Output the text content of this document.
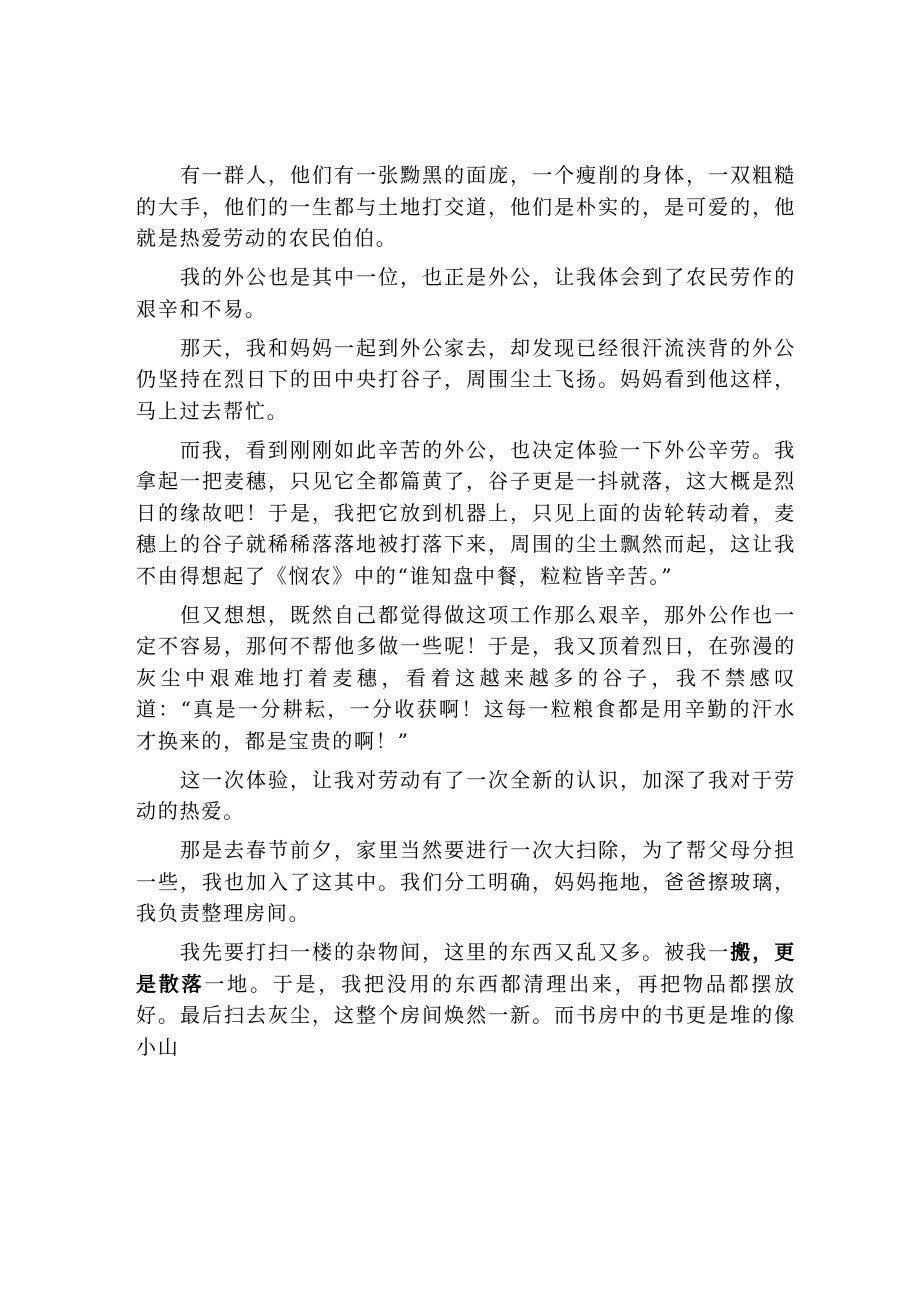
有一群人，他们有一张黝黑的面庞，一个瘦削的身体，一双粗糙的大手，他们的一生都与土地打交道，他们是朴实的，是可爱的，他就是热爱劳动的农民伯伯。

我的外公也是其中一位，也正是外公，让我体会到了农民劳作的艰辛和不易。

那天，我和妈妈一起到外公家去，却发现已经很汗流浃背的外公仍坚持在烈日下的田中央打谷子，周围尘土飞扬。妈妈看到他这样，马上过去帮忙。

而我，看到刚刚如此辛苦的外公，也决定体验一下外公辛劳。我拿起一把麦穗，只见它全都篇黄了，谷子更是一抖就落，这大概是烈日的缘故吧！于是，我把它放到机器上，只见上面的齿轮转动着，麦穗上的谷子就稀稀落落地被打落下来，周围的尘土飘然而起，这让我不由得想起了《悯农》中的“谁知盘中餐，粒粒皆辛苦。”

但又想想，既然自己都觉得做这项工作那么艰辛，那外公作也一定不容易，那何不帮他多做一些呢！于是，我又顶着烈日，在弥漫的灰尘中艰难地打着麦穗，看着这越来越多的谷子，我不禁感叹道：“真是一分耕耘，一分收获啊！这每一粒粮食都是用辛勤的汗水才换来的，都是宝贵的啊！”

这一次体验，让我对劳动有了一次全新的认识，加深了我对于劳动的热爱。

那是去春节前夕，家里当然要进行一次大扫除，为了帮父母分担一些，我也加入了这其中。我们分工明确，妈妈拖地，爸爸擦玻璃，我负责整理房间。

我先要打扫一楼的杂物间，这里的东西又乱又多。被我一搬，更是散落一地。于是，我把没用的东西都清理出来，再把物品都摆放好。最后扫去灰尘，这整个房间焕然一新。而书房中的书更是堆的像小山
